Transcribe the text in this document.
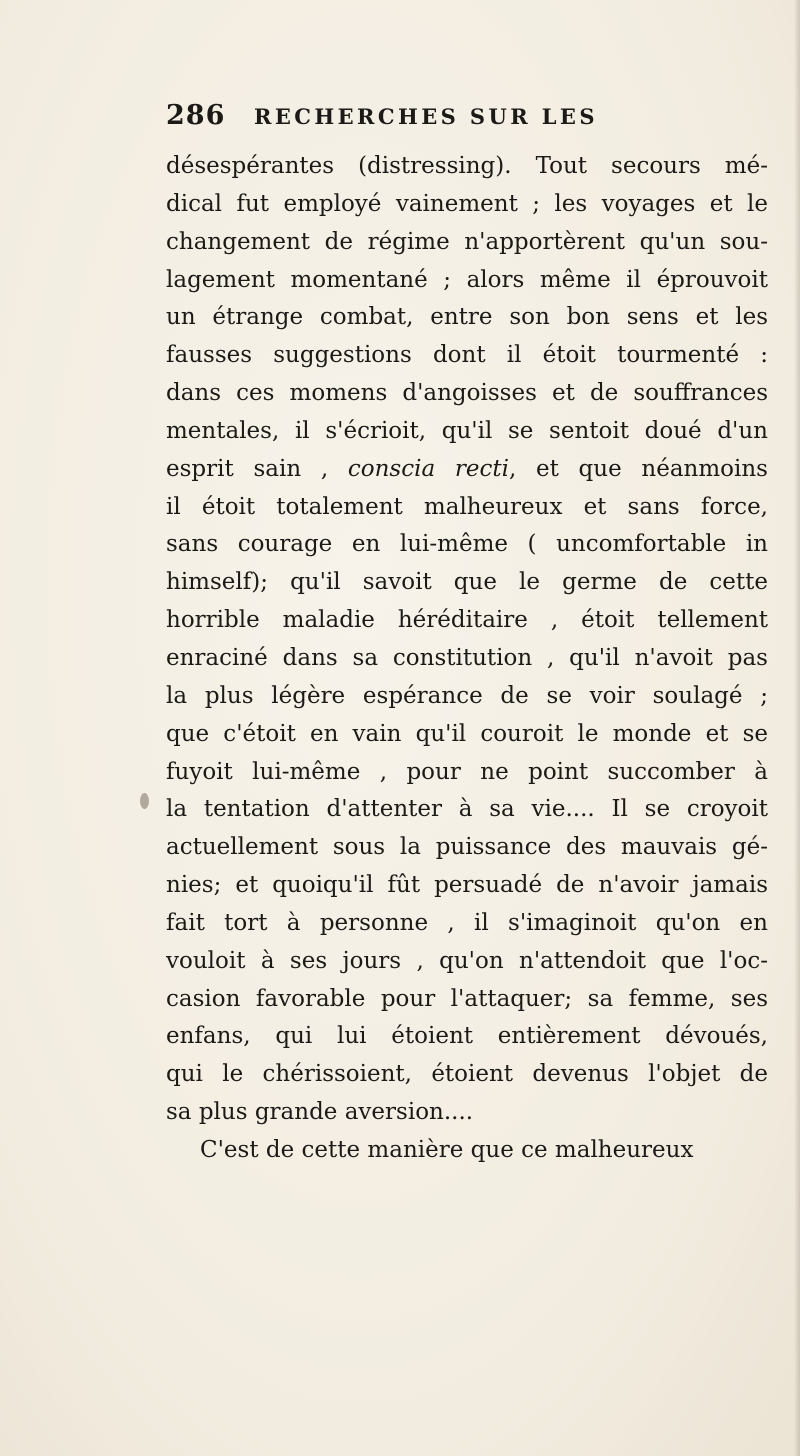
286 RECHERCHES SUR LES
désespérantes (distressing). Tout secours mé-
dical fut employé vainement ; les voyages et le
changement de régime n'apportèrent qu'un sou-
lagement momentané ; alors même il éprouvoit
un étrange combat, entre son bon sens et les
fausses suggestions dont il étoit tourmenté :
dans ces momens d'angoisses et de souffrances
mentales, il s'écrioit, qu'il se sentoit doué d'un
esprit sain , conscia recti, et que néanmoins
il étoit totalement malheureux et sans force,
sans courage en lui-même ( uncomfortable in
himself); qu'il savoit que le germe de cette
horrible maladie héréditaire , étoit tellement
enraciné dans sa constitution , qu'il n'avoit pas
la plus légère espérance de se voir soulagé ;
que c'étoit en vain qu'il couroit le monde et se
fuyoit lui-même , pour ne point succomber à
la tentation d'attenter à sa vie.... Il se croyoit
actuellement sous la puissance des mauvais gé-
nies; et quoiqu'il fût persuadé de n'avoir jamais
fait tort à personne , il s'imaginoit qu'on en
vouloit à ses jours , qu'on n'attendoit que l'oc-
casion favorable pour l'attaquer; sa femme, ses
enfans, qui lui étoient entièrement dévoués,
qui le chérissoient, étoient devenus l'objet de
sa plus grande aversion....
C'est de cette manière que ce malheureux
